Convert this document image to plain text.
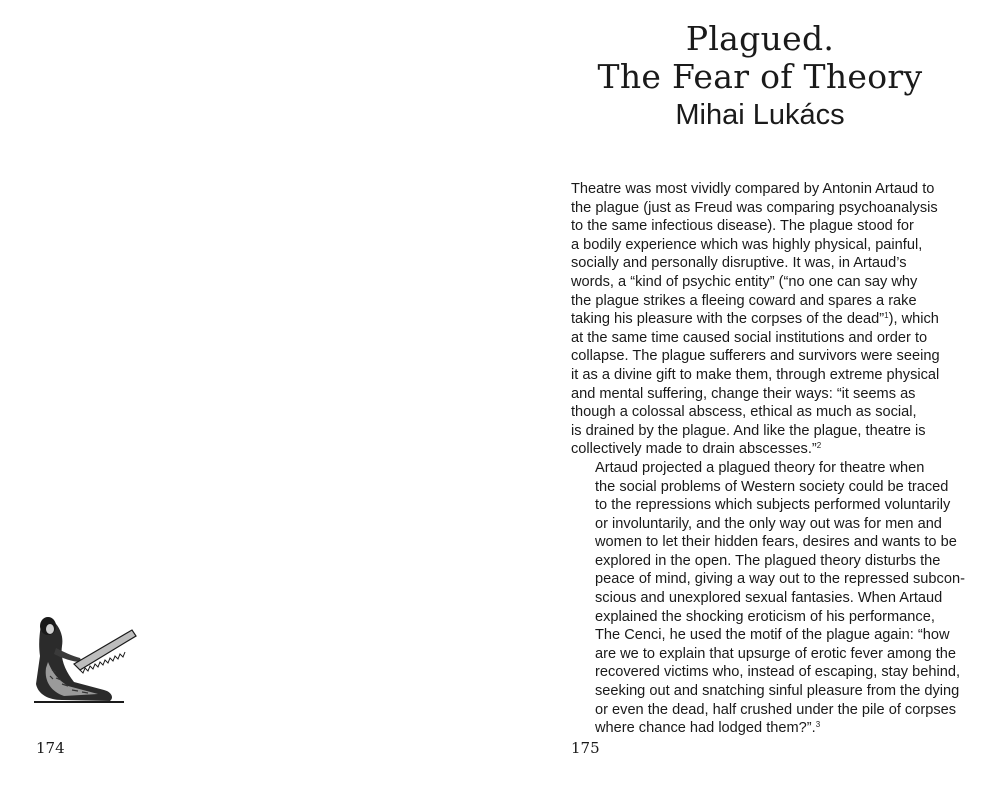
174
Plagued.
The Fear of Theory
Mihai Lukács

Theatre was most vividly compared by Antonin Artaud to
the plague (just as Freud was comparing psychoanalysis
to the same infectious disease). The plague stood for
a bodily experience which was highly physical, painful,
socially and personally disruptive. It was, in Artaud’s
words, a “kind of psychic entity” (“no one can say why
the plague strikes a fleeing coward and spares a rake
taking his pleasure with the corpses of the dead”$^1$), which
at the same time caused social institutions and order to
collapse. The plague sufferers and survivors were seeing
it as a divine gift to make them, through extreme physical
and mental suffering, change their ways: “it seems as
though a colossal abscess, ethical as much as social,
is drained by the plague. And like the plague, theatre is
collectively made to drain abscesses.”$^2$

Artaud projected a plagued theory for theatre when
the social problems of Western society could be traced
to the repressions which subjects performed voluntarily
or involuntarily, and the only way out was for men and
women to let their hidden fears, desires and wants to be
explored in the open. The plagued theory disturbs the
peace of mind, giving a way out to the repressed subcon-
scious and unexplored sexual fantasies. When Artaud
explained the shocking eroticism of his performance,
The Cenci, he used the motif of the plague again: “how
are we to explain that upsurge of erotic fever among the
recovered victims who, instead of escaping, stay behind,
seeking out and snatching sinful pleasure from the dying
or even the dead, half crushed under the pile of corpses
where chance had lodged them?”.$^3$

175
